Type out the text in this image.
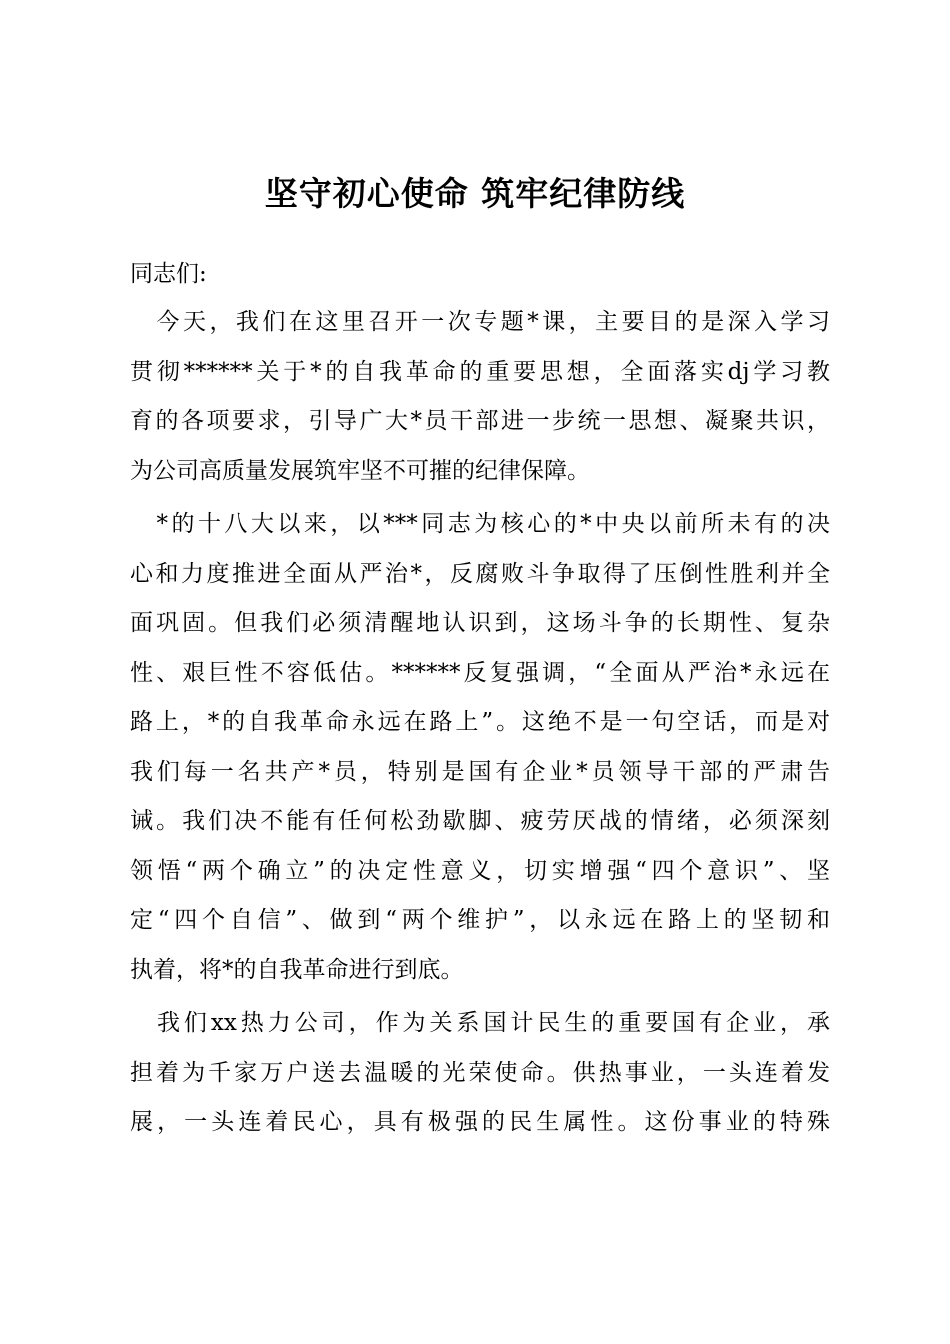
坚守初心使命 筑牢纪律防线
同志们:
　今天，我们在这里召开一次专题*课，主要目的是深入学习
贯彻******关于*的自我革命的重要思想，全面落实dj学习教
育的各项要求，引导广大*员干部进一步统一思想、凝聚共识，
为公司高质量发展筑牢坚不可摧的纪律保障。
　*的十八大以来，以***同志为核心的*中央以前所未有的决
心和力度推进全面从严治*，反腐败斗争取得了压倒性胜利并全
面巩固。但我们必须清醒地认识到，这场斗争的长期性、复杂
性、艰巨性不容低估。******反复强调，“全面从严治*永远在
路上，*的自我革命永远在路上”。这绝不是一句空话，而是对
我们每一名共产*员，特别是国有企业*员领导干部的严肃告
诫。我们决不能有任何松劲歇脚、疲劳厌战的情绪，必须深刻
领悟“两个确立”的决定性意义，切实增强“四个意识”、坚
定“四个自信”、做到“两个维护”，以永远在路上的坚韧和
执着，将*的自我革命进行到底。
　我们xx热力公司，作为关系国计民生的重要国有企业，承
担着为千家万户送去温暖的光荣使命。供热事业，一头连着发
展，一头连着民心，具有极强的民生属性。这份事业的特殊
